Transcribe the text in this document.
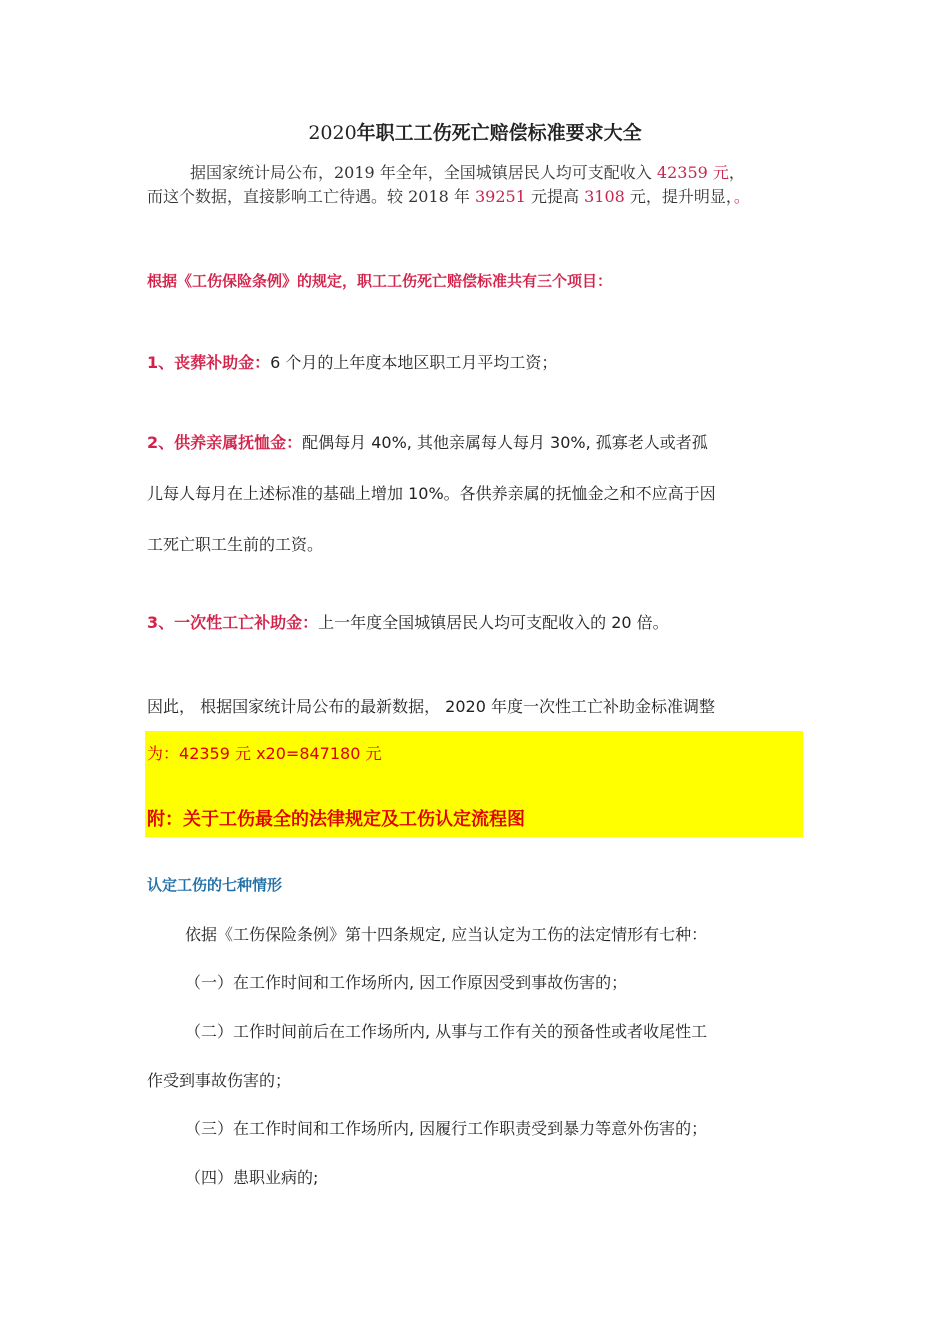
2020年职工工伤死亡赔偿标准要求大全
据国家统计局公布，2019 年全年，全国城镇居民人均可支配收入 42359 元，
而这个数据，直接影响工亡待遇。较 2018 年 39251 元提高 3108 元，提升明显，。
根据《工伤保险条例》的规定，职工工伤死亡赔偿标准共有三个项目：
1、丧葬补助金：6 个月的上年度本地区职工月平均工资；
2、供养亲属抚恤金：配偶每月 40%, 其他亲属每人每月 30%, 孤寡老人或者孤
儿每人每月在上述标准的基础上增加 10%。各供养亲属的抚恤金之和不应高于因
工死亡职工生前的工资。
3、一次性工亡补助金：上一年度全国城镇居民人均可支配收入的 20 倍。
因此， 根据国家统计局公布的最新数据， 2020 年度一次性工亡补助金标准调整
为：42359 元 x20=847180 元
附：关于工伤最全的法律规定及工伤认定流程图
认定工伤的七种情形
依据《工伤保险条例》第十四条规定, 应当认定为工伤的法定情形有七种：
（一）在工作时间和工作场所内, 因工作原因受到事故伤害的；
（二）工作时间前后在工作场所内, 从事与工作有关的预备性或者收尾性工
作受到事故伤害的；
（三）在工作时间和工作场所内, 因履行工作职责受到暴力等意外伤害的；
（四）患职业病的;
